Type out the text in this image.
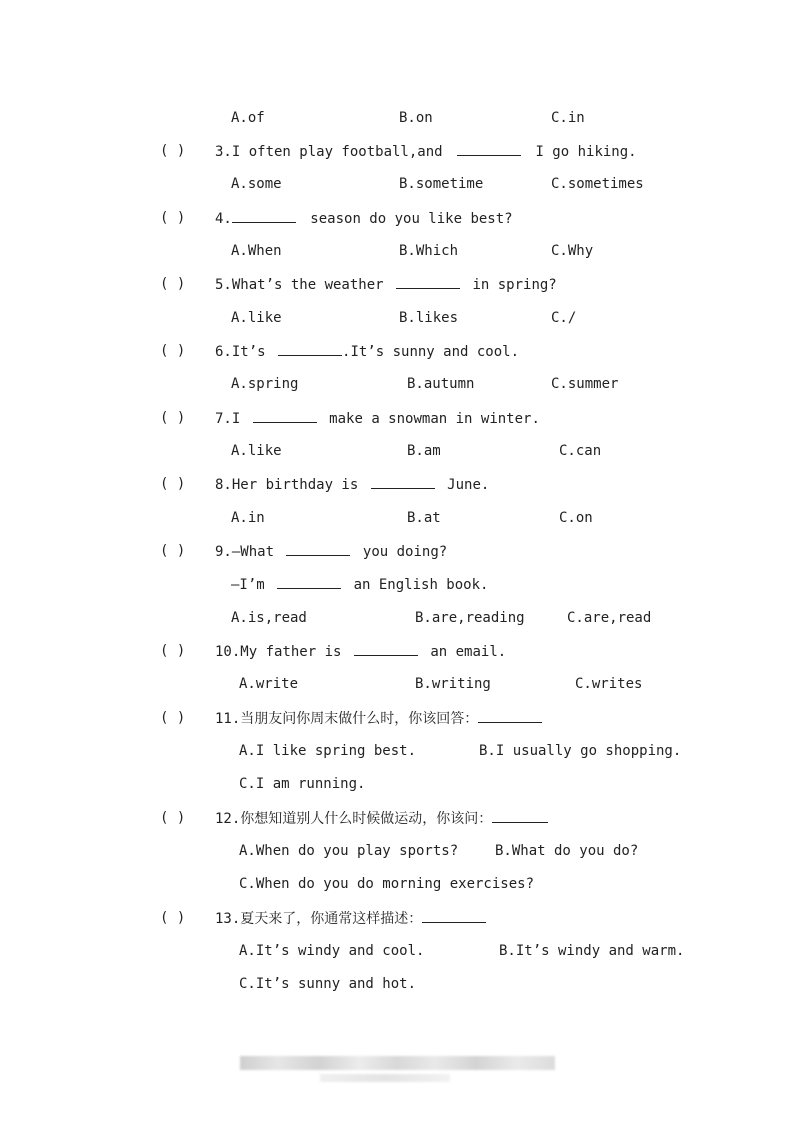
A.of	B.on	C.in
( ) 3.I often play football,and	I go hiking.
A.some	B.sometime	C.sometimes
( ) 4.	season do you like best?
A.When	B.Which	C.Why
( ) 5.What’s the weather	in spring?
A.like	B.likes	C./
( ) 6.It’s	.It’s sunny and cool.
A.spring	B.autumn	C.summer
( ) 7.I	make a snowman in winter.
A.like	B.am	C.can
( ) 8.Her birthday is	June.
A.in	B.at	C.on
( ) 9.—What	you doing?
—I’m	an English book.
A.is,read	B.are,reading	C.are,read
( ) 10.My father is	an email.
A.write	B.writing	C.writes
( ) 11.当朋友问你周末做什么时，你该回答：
A.I like spring best.	B.I usually go shopping.
C.I am running.
( ) 12.你想知道别人什么时候做运动，你该问：
A.When do you play sports?	B.What do you do?
C.When do you do morning exercises?
( ) 13.夏天来了，你通常这样描述：
A.It’s windy and cool.	B.It’s windy and warm.
C.It’s sunny and hot.
